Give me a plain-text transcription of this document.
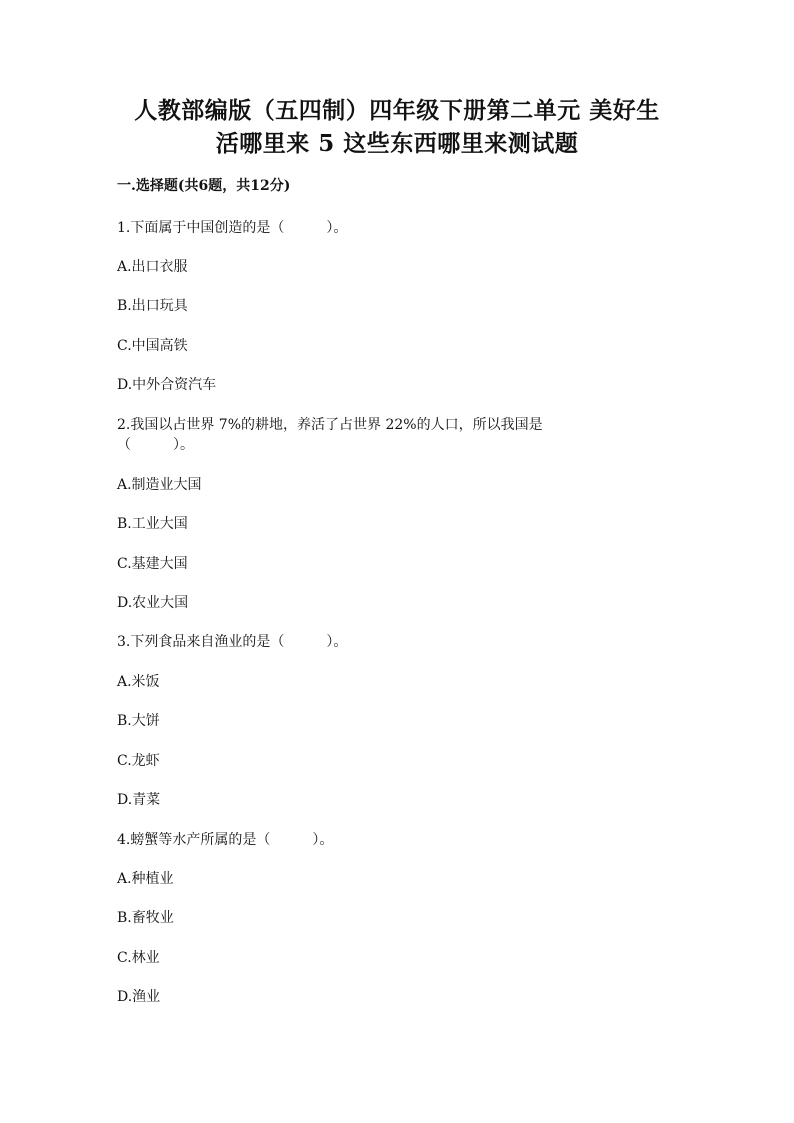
人教部编版（五四制）四年级下册第二单元 美好生
活哪里来 5 这些东西哪里来测试题
一.选择题(共6题，共12分)
1.下面属于中国创造的是（　　　）。
A.出口衣服
B.出口玩具
C.中国高铁
D.中外合资汽车
2.我国以占世界 7%的耕地，养活了占世界 22%的人口，所以我国是
（　　　）。
A.制造业大国
B.工业大国
C.基建大国
D.农业大国
3.下列食品来自渔业的是（　　　）。
A.米饭
B.大饼
C.龙虾
D.青菜
4.螃蟹等水产所属的是（　　　）。
A.种植业
B.畜牧业
C.林业
D.渔业
